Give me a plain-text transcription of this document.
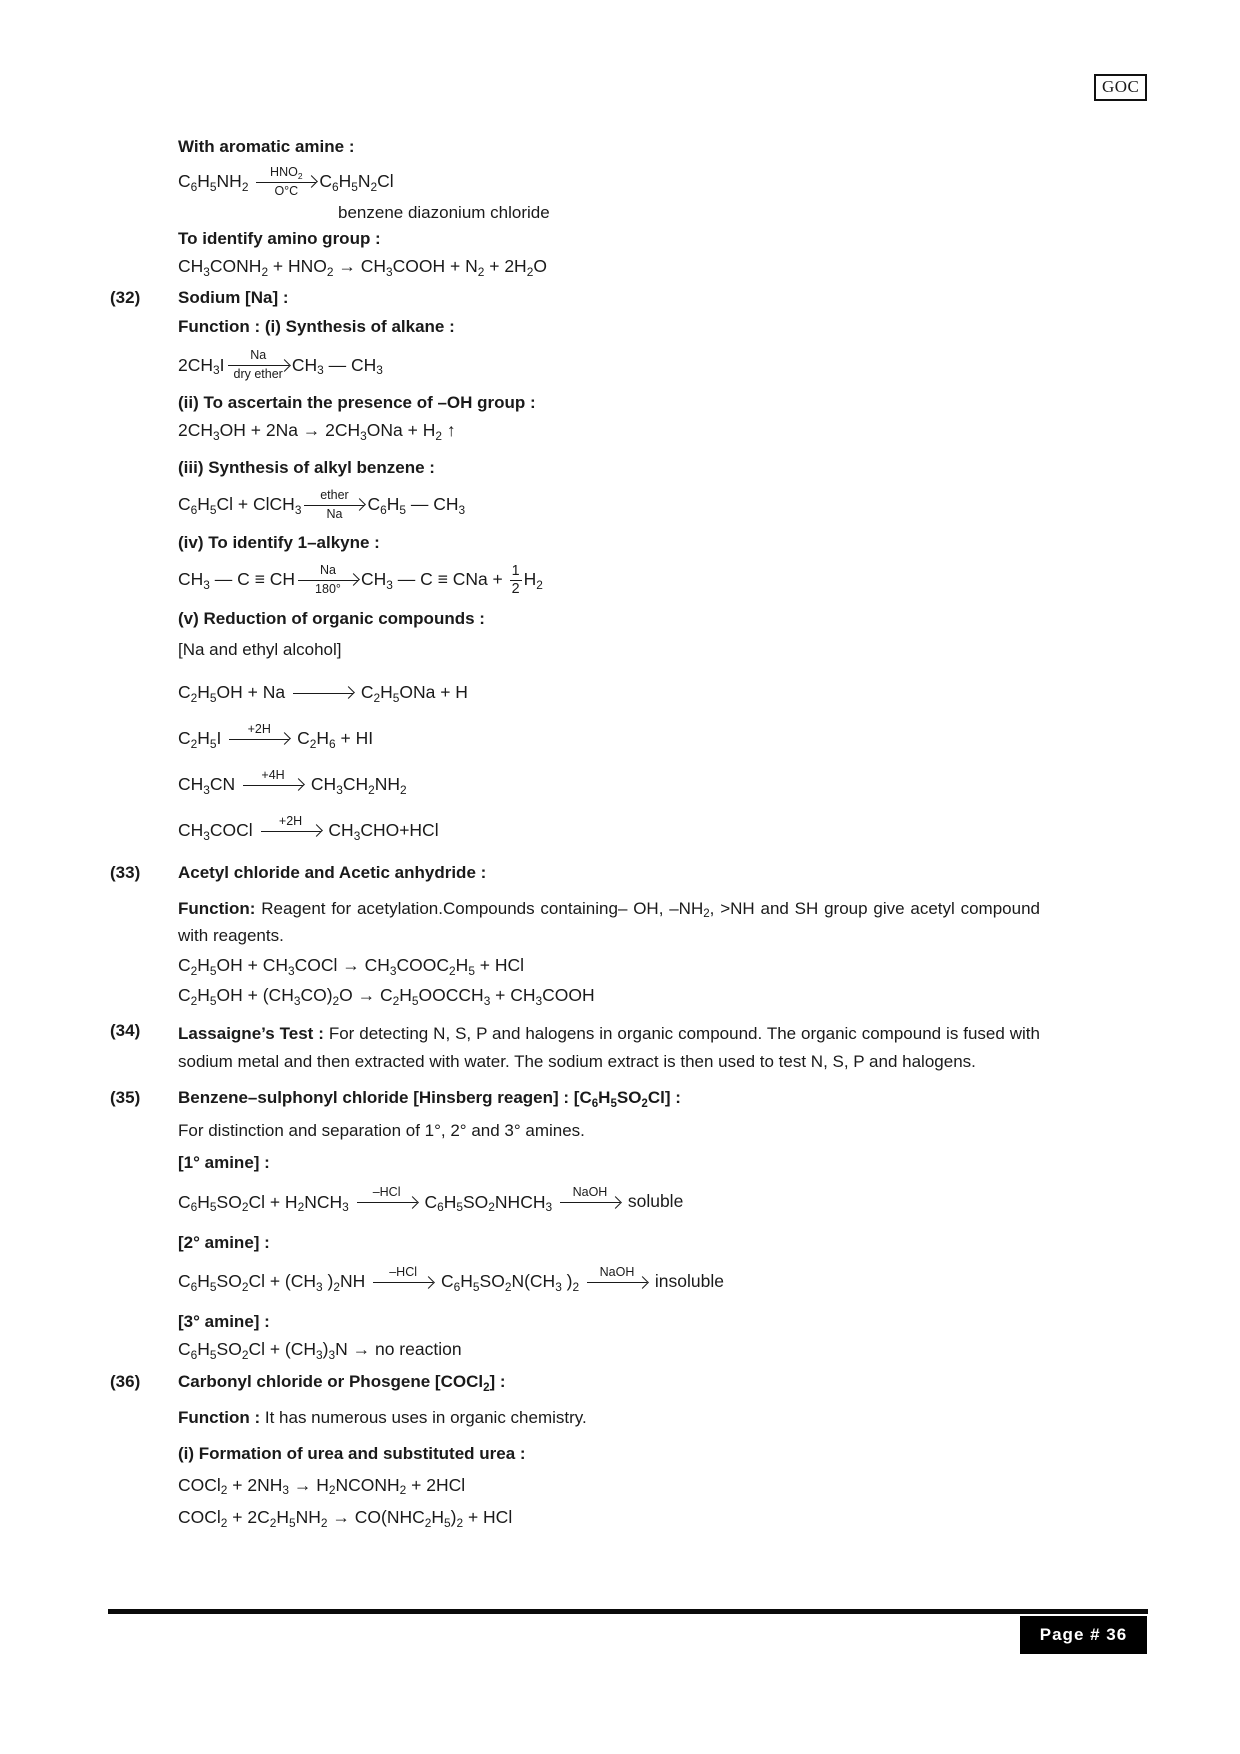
GOC
With aromatic amine :
C6H5NH2
HNO2
O°C	C6H5N2Cl
benzene diazonium chloride
To identify amino group :
CH3CONH2 + HNO2 → CH3COOH + N2 + 2H2O
(32)	Sodium [Na] :
Function : (i) Synthesis of alkane :
2CH3I	Na
dry ether CH3 — CH3
(ii) To ascertain the presence of –OH group :
2CH3OH + 2Na → 2CH3ONa + H2 ↑
(iii) Synthesis of alkyl benzene :
C6H5Cl + ClCH3
ether
Na	C6H5 — CH3
(iv) To identify 1–alkyne :
CH3 — C ≡ CH $\frac{Na}{180^\circ} CH3$ — C ≡ CNa + $\frac{1}{2} H2$
(v) Reduction of organic compounds :
[Na and ethyl alcohol]
C2H5OH + Na	C2H5ONa + H
C2H5I	+2H	C2H6 + HI
CH3CN	+4H	CH3CH2NH2
CH3COCl	+2H	CH3CHO+HCl
(33)	Acetyl chloride and Acetic anhydride :
Function: Reagent for acetylation.Compounds containing– OH, –NH2, >NH and SH group give acetyl compound with reagents.
C2H5OH + CH3COCl → CH3COOC2H5 + HCl
C2H5OH + (CH3CO)2O → C2H5OOCCH3 + CH3COOH
(34)	Lassaigne’s Test : For detecting N, S, P and halogens in organic compound. The organic compound is fused with sodium metal and then extracted with water. The sodium extract is then used to test N, S, P and halogens.
(35)	Benzene–sulphonyl chloride [Hinsberg reagen] : [C6H5SO2Cl] :
For distinction and separation of 1°, 2° and 3° amines.
[1° amine] :
C6H5SO2Cl + H2NCH3
–HCl	C6H5SO2NHCH3
NaOH soluble
[2° amine] :
C6H5SO2Cl + (CH3 )2NH	–HCl	C6H5SO2N(CH3 )2
NaOH insoluble
[3° amine] :
C6H5SO2Cl + (CH3)3N → no reaction
(36)	Carbonyl chloride or Phosgene [COCl2] :
Function : It has numerous uses in organic chemistry.
(i) Formation of urea and substituted urea :
COCl2 + 2NH3 → H2NCONH2 + 2HCl
COCl2 + 2C2H5NH2 → CO(NHC2H5)2 + HCl
Page # 36
